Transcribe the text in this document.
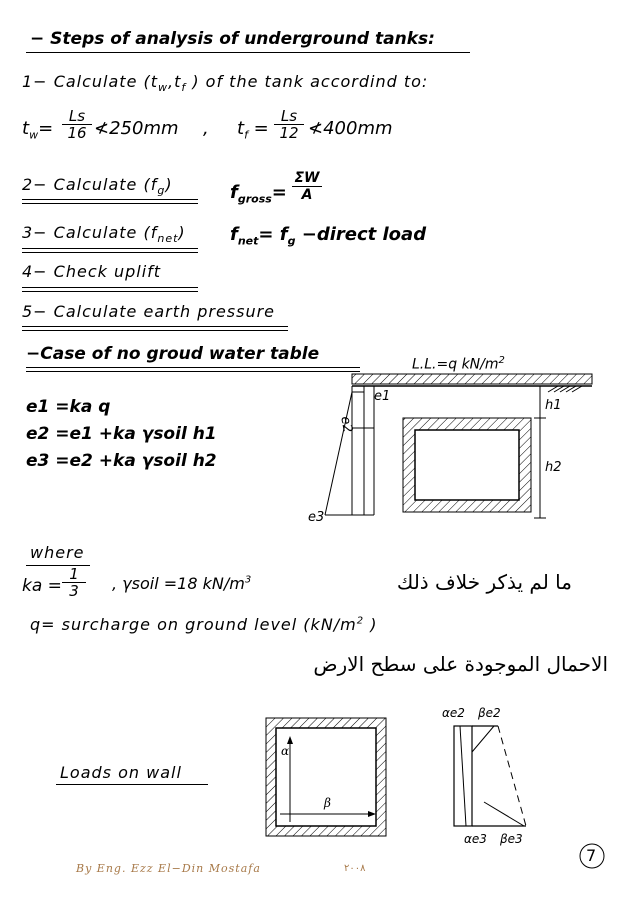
− Steps of analysis of underground tanks:
1− Calculate ($t_w,t_f$ ) of the tank accordind to:
$t_w= \frac{Ls}{16}$ ≮250mm , $t_f = \frac{Ls}{12}$ ≮400mm
2− Calculate $(f_g)$	$f_{gross}= \frac{\Sigma W}{A}$
3− Calculate $(f_{net})$ $f_{net}= f_g$ −direct load
4− Check uplift
5− Calculate earth pressure
−Case of no groud water table
L.L.=q $kN/m^2$
e1 =ka q
e2 =e1 +ka γsoil h1
e3 =e2 +ka γsoil h2
e1
e2
e3
h1
h2
where
ka = $\frac{1}{3}$ , γsoil =18 $kN/m^3$	ما لم يذكر خلاف ذلك
q= surcharge on ground level ($kN/m^2$ )
الاحمال الموجودة على سطح الارض
Loads on wall
α
β
αe2 βe2
αe3 βe3
By Eng. Ezz El−Din Mostafa	٢٠٠٨
7
